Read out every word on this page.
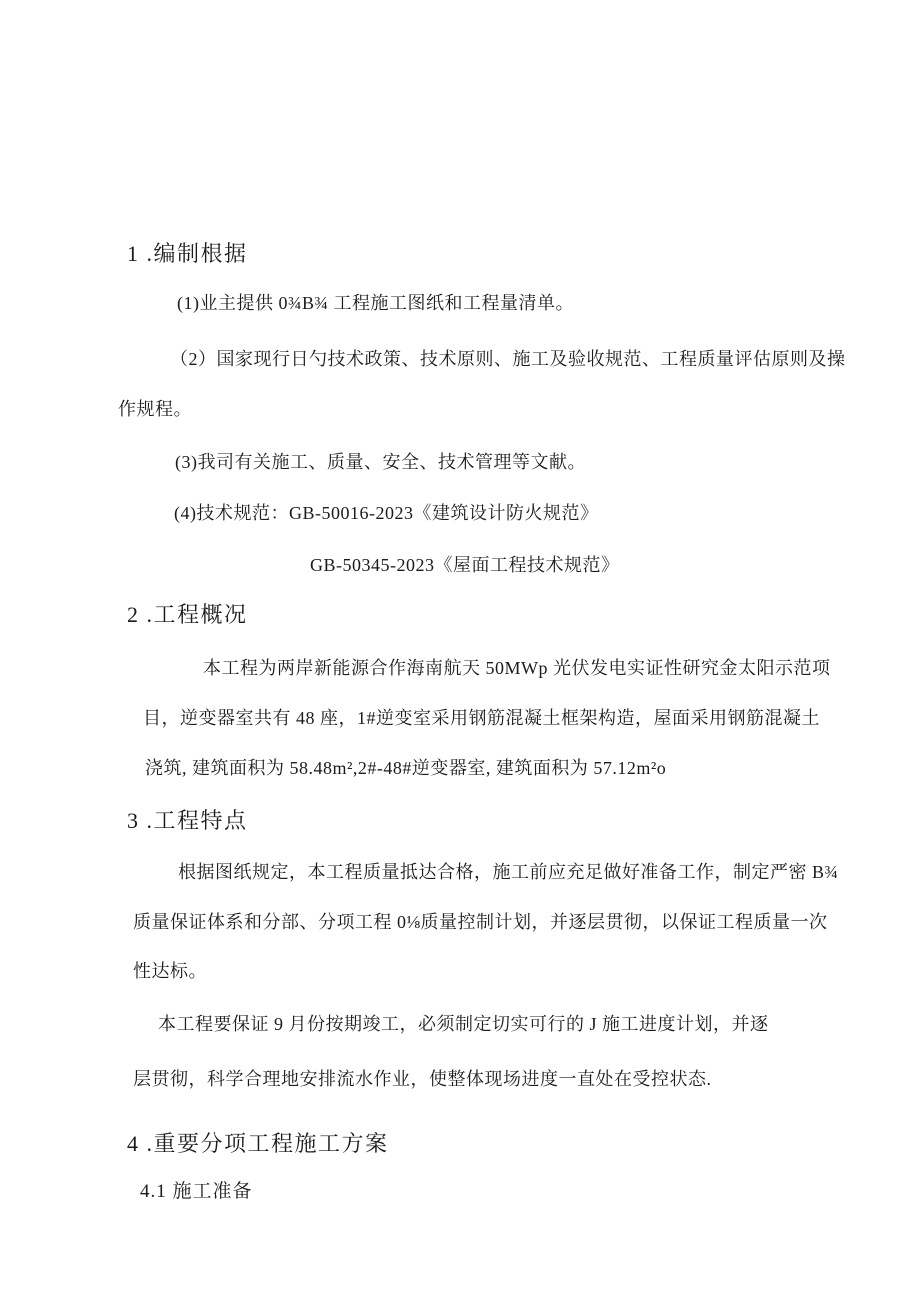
1 .编制根据
(1)业主提供 0¾B¾ 工程施工图纸和工程量清单。
（2）国家现行日勺技术政策、技术原则、施工及验收规范、工程质量评估原则及操
作规程。
(3)我司有关施工、质量、安全、技术管理等文献。
(4)技术规范：GB-50016-2023《建筑设计防火规范》
GB-50345-2023《屋面工程技术规范》
2 .工程概况
本工程为两岸新能源合作海南航天 50MWp 光伏发电实证性研究金太阳示范项
目，逆变器室共有 48 座，1#逆变室采用钢筋混凝土框架构造，屋面采用钢筋混凝土
浇筑, 建筑面积为 58.48m²,2#-48#逆变器室, 建筑面积为 57.12m²o
3 .工程特点
根据图纸规定，本工程质量抵达合格，施工前应充足做好准备工作，制定严密 B¾
质量保证体系和分部、分项工程 0⅛质量控制计划，并逐层贯彻，以保证工程质量一次
性达标。
本工程要保证 9 月份按期竣工，必须制定切实可行的 J 施工进度计划，并逐
层贯彻，科学合理地安排流水作业，使整体现场进度一直处在受控状态.
4 .重要分项工程施工方案
4.1 施工准备
